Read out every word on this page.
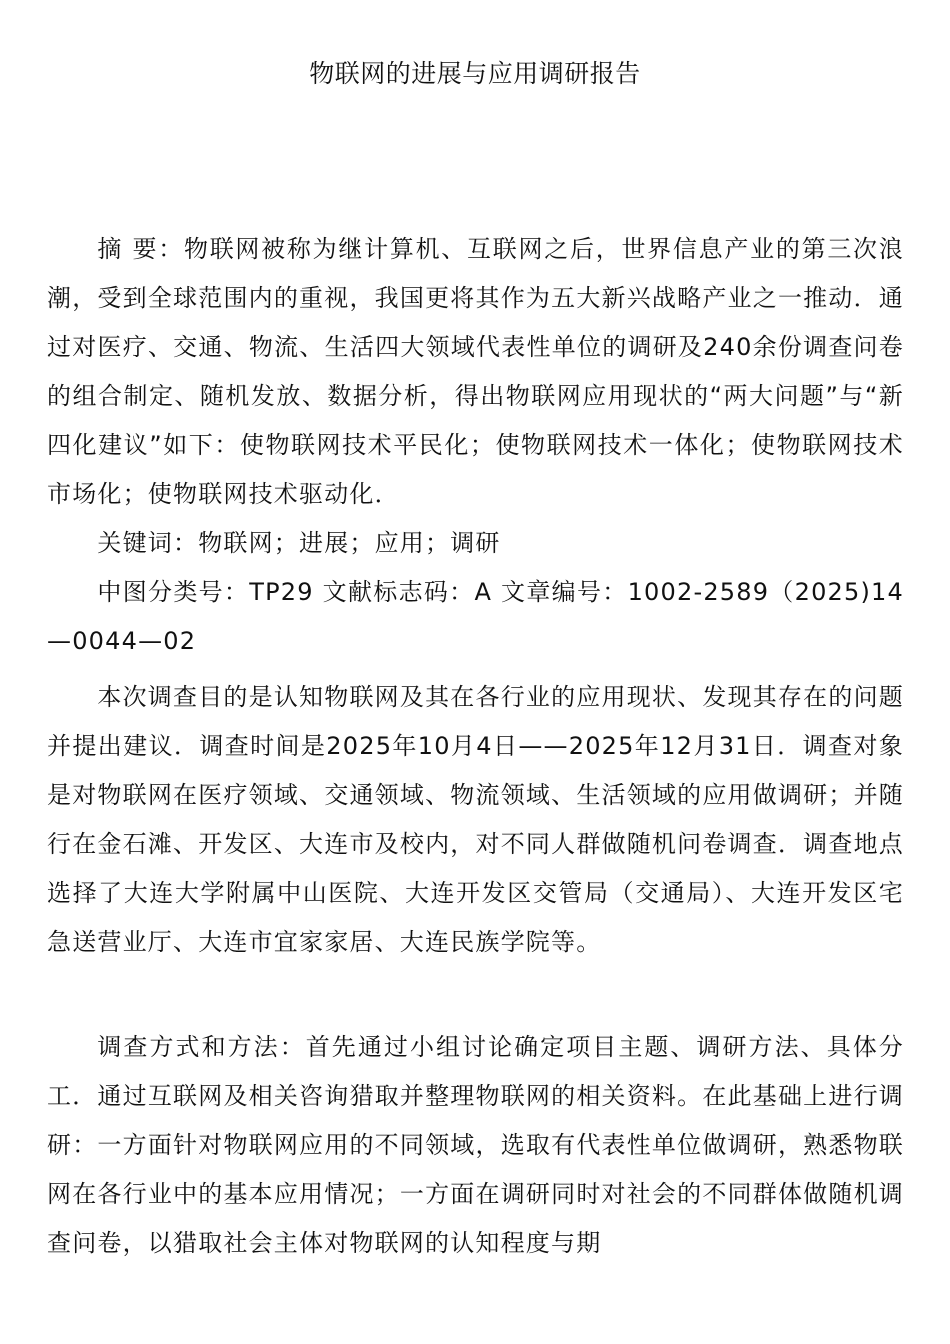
物联网的进展与应用调研报告

摘 要：物联网被称为继计算机、互联网之后，世界信息产业的第三次浪潮，受到全球范围内的重视，我国更将其作为五大新兴战略产业之一推动．通过对医疗、交通、物流、生活四大领域代表性单位的调研及240余份调查问卷的组合制定、随机发放、数据分析，得出物联网应用现状的“两大问题”与“新四化建议”如下：使物联网技术平民化；使物联网技术一体化；使物联网技术市场化；使物联网技术驱动化．

关键词：物联网；进展；应用；调研

中图分类号：TP29 文献标志码：A 文章编号：1002-2589（2025)14—0044—02

本次调查目的是认知物联网及其在各行业的应用现状、发现其存在的问题并提出建议．调查时间是2025年10月4日——2025年12月31日．调查对象是对物联网在医疗领域、交通领域、物流领域、生活领域的应用做调研；并随行在金石滩、开发区、大连市及校内，对不同人群做随机问卷调查．调查地点选择了大连大学附属中山医院、大连开发区交管局（交通局）、大连开发区宅急送营业厅、大连市宜家家居、大连民族学院等。

调查方式和方法：首先通过小组讨论确定项目主题、调研方法、具体分工．通过互联网及相关咨询猎取并整理物联网的相关资料。在此基础上进行调研：一方面针对物联网应用的不同领域，选取有代表性单位做调研，熟悉物联网在各行业中的基本应用情况；一方面在调研同时对社会的不同群体做随机调查问卷，以猎取社会主体对物联网的认知程度与期
